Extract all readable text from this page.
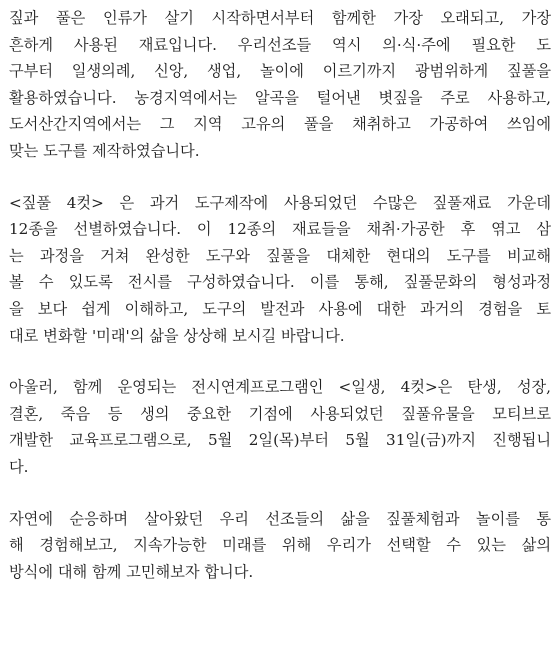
짚과 풀은 인류가 살기 시작하면서부터 함께한 가장 오래되고, 가장
흔하게 사용된 재료입니다. 우리선조들 역시 의·식·주에 필요한 도
구부터 일생의례, 신앙, 생업, 놀이에 이르기까지 광범위하게 짚풀을
활용하였습니다. 농경지역에서는 알곡을 털어낸 볏짚을 주로 사용하고,
도서산간지역에서는 그 지역 고유의 풀을 채취하고 가공하여 쓰임에
맞는 도구를 제작하였습니다.
<짚풀 4컷> 은 과거 도구제작에 사용되었던 수많은 짚풀재료 가운데
12종을 선별하였습니다. 이 12종의 재료들을 채취·가공한 후 엮고 삼
는 과정을 거쳐 완성한 도구와 짚풀을 대체한 현대의 도구를 비교해
볼 수 있도록 전시를 구성하였습니다. 이를 통해, 짚풀문화의 형성과정
을 보다 쉽게 이해하고, 도구의 발전과 사용에 대한 과거의 경험을 토
대로 변화할 '미래'의 삶을 상상해 보시길 바랍니다.
아울러, 함께 운영되는 전시연계프로그램인 <일생, 4컷>은 탄생, 성장,
결혼, 죽음 등 생의 중요한 기점에 사용되었던 짚풀유물을 모티브로
개발한 교육프로그램으로, 5월 2일(목)부터 5월 31일(금)까지 진행됩니
다.
자연에 순응하며 살아왔던 우리 선조들의 삶을 짚풀체험과 놀이를 통
해 경험해보고, 지속가능한 미래를 위해 우리가 선택할 수 있는 삶의
방식에 대해 함께 고민해보자 합니다.
